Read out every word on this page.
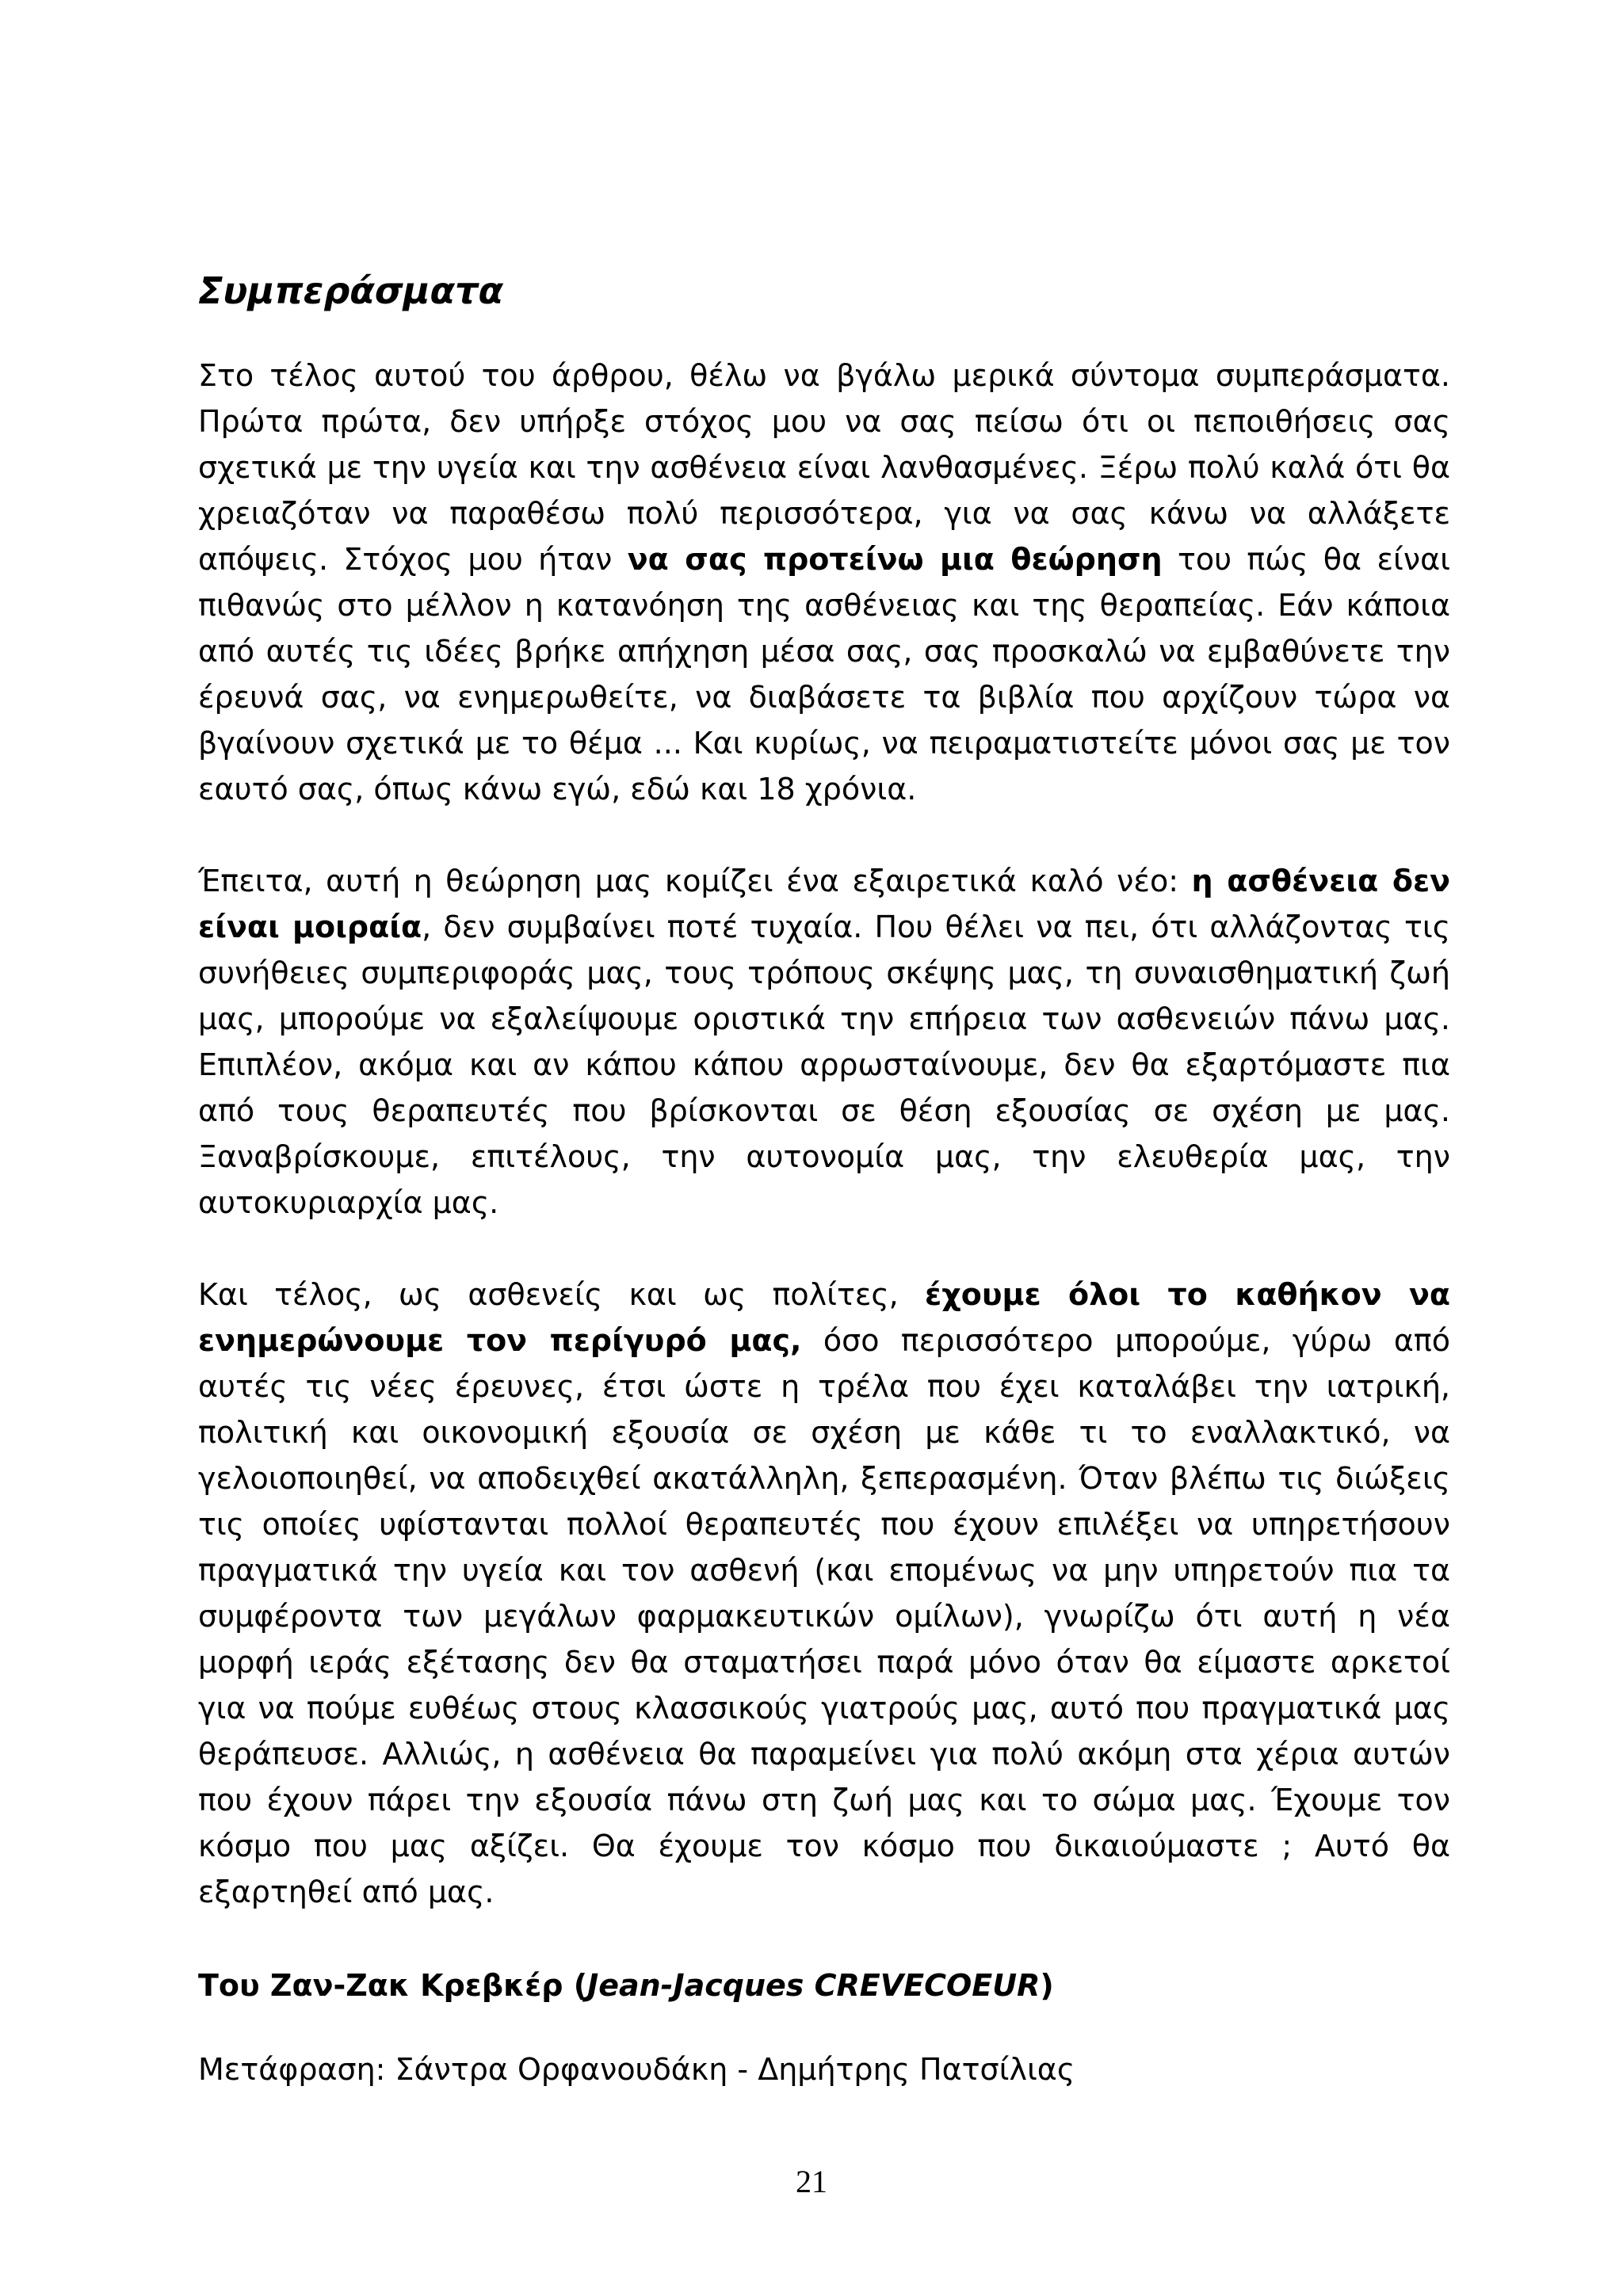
Συμπεράσματα

Στο τέλος αυτού του άρθρου, θέλω να βγάλω μερικά σύντομα συμπεράσματα. Πρώτα πρώτα, δεν υπήρξε στόχος μου να σας πείσω ότι οι πεποιθήσεις σας σχετικά με την υγεία και την ασθένεια είναι λανθασμένες. Ξέρω πολύ καλά ότι θα χρειαζόταν να παραθέσω πολύ περισσότερα, για να σας κάνω να αλλάξετε απόψεις. Στόχος μου ήταν να σας προτείνω μια θεώρηση του πώς θα είναι πιθανώς στο μέλλον η κατανόηση της ασθένειας και της θεραπείας. Εάν κάποια από αυτές τις ιδέες βρήκε απήχηση μέσα σας, σας προσκαλώ να εμβαθύνετε την έρευνά σας, να ενημερωθείτε, να διαβάσετε τα βιβλία που αρχίζουν τώρα να βγαίνουν σχετικά με το θέμα ... Και κυρίως, να πειραματιστείτε μόνοι σας με τον εαυτό σας, όπως κάνω εγώ, εδώ και 18 χρόνια.

Έπειτα, αυτή η θεώρηση μας κομίζει ένα εξαιρετικά καλό νέο: η ασθένεια δεν είναι μοιραία, δεν συμβαίνει ποτέ τυχαία. Που θέλει να πει, ότι αλλάζοντας τις συνήθειες συμπεριφοράς μας, τους τρόπους σκέψης μας, τη συναισθηματική ζωή μας, μπορούμε να εξαλείψουμε οριστικά την επήρεια των ασθενειών πάνω μας. Επιπλέον, ακόμα και αν κάπου κάπου αρρωσταίνουμε, δεν θα εξαρτόμαστε πια από τους θεραπευτές που βρίσκονται σε θέση εξουσίας σε σχέση με μας. Ξαναβρίσκουμε, επιτέλους, την αυτονομία μας, την ελευθερία μας, την αυτοκυριαρχία μας.

Και τέλος, ως ασθενείς και ως πολίτες, έχουμε όλοι το καθήκον να ενημερώνουμε τον περίγυρό μας, όσο περισσότερο μπορούμε, γύρω από αυτές τις νέες έρευνες, έτσι ώστε η τρέλα που έχει καταλάβει την ιατρική, πολιτική και οικονομική εξουσία σε σχέση με κάθε τι το εναλλακτικό, να γελοιοποιηθεί, να αποδειχθεί ακατάλληλη, ξεπερασμένη. Όταν βλέπω τις διώξεις τις οποίες υφίστανται πολλοί θεραπευτές που έχουν επιλέξει να υπηρετήσουν πραγματικά την υγεία και τον ασθενή (και επομένως να μην υπηρετούν πια τα συμφέροντα των μεγάλων φαρμακευτικών ομίλων), γνωρίζω ότι αυτή η νέα μορφή ιεράς εξέτασης δεν θα σταματήσει παρά μόνο όταν θα είμαστε αρκετοί για να πούμε ευθέως στους κλασσικούς γιατρούς μας, αυτό που πραγματικά μας θεράπευσε. Αλλιώς, η ασθένεια θα παραμείνει για πολύ ακόμη στα χέρια αυτών που έχουν πάρει την εξουσία πάνω στη ζωή μας και το σώμα μας. Έχουμε τον κόσμο που μας αξίζει. Θα έχουμε τον κόσμο που δικαιούμαστε ; Αυτό θα εξαρτηθεί από μας.

Του Ζαν-Ζακ Κρεβκέρ (Jean-Jacques CREVECOEUR)

Μετάφραση: Σάντρα Ορφανουδάκη - Δημήτρης Πατσίλιας

21
